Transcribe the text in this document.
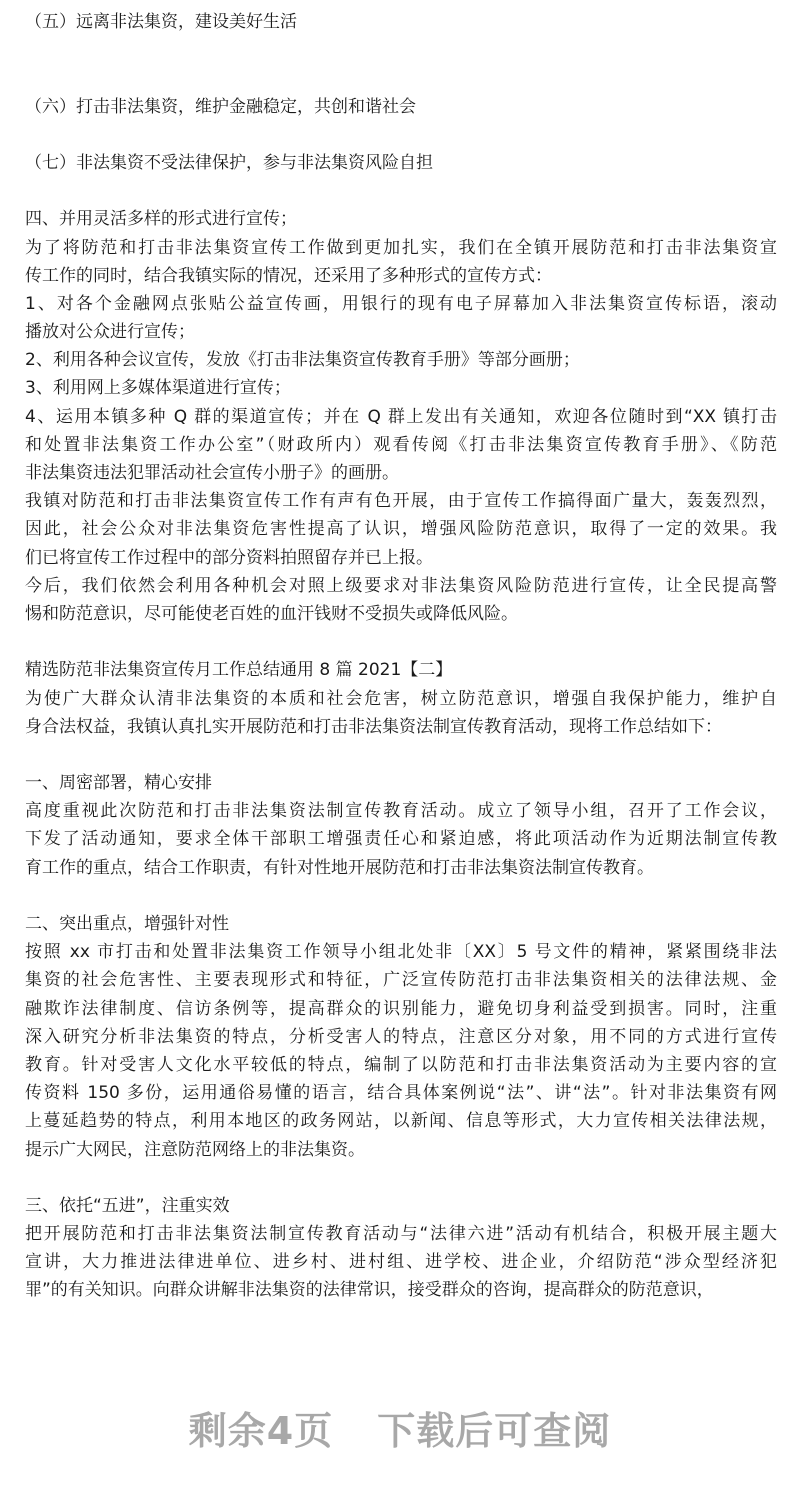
（五）远离非法集资，建设美好生活
（六）打击非法集资，维护金融稳定，共创和谐社会
（七）非法集资不受法律保护，参与非法集资风险自担
四、并用灵活多样的形式进行宣传；
为了将防范和打击非法集资宣传工作做到更加扎实，我们在全镇开展防范和打击非法集资宣
传工作的同时，结合我镇实际的情况，还采用了多种形式的宣传方式：
1、对各个金融网点张贴公益宣传画，用银行的现有电子屏幕加入非法集资宣传标语，滚动
播放对公众进行宣传；
2、利用各种会议宣传，发放《打击非法集资宣传教育手册》等部分画册；
3、利用网上多媒体渠道进行宣传；
4、运用本镇多种 Q 群的渠道宣传；并在 Q 群上发出有关通知，欢迎各位随时到“XX 镇打击
和处置非法集资工作办公室”（财政所内）观看传阅《打击非法集资宣传教育手册》、《防范
非法集资违法犯罪活动社会宣传小册子》的画册。
我镇对防范和打击非法集资宣传工作有声有色开展，由于宣传工作搞得面广量大，轰轰烈烈，
因此，社会公众对非法集资危害性提高了认识，增强风险防范意识，取得了一定的效果。我
们已将宣传工作过程中的部分资料拍照留存并已上报。
今后，我们依然会利用各种机会对照上级要求对非法集资风险防范进行宣传，让全民提高警
惕和防范意识，尽可能使老百姓的血汗钱财不受损失或降低风险。
精选防范非法集资宣传月工作总结通用 8 篇 2021【二】
为使广大群众认清非法集资的本质和社会危害，树立防范意识，增强自我保护能力，维护自
身合法权益，我镇认真扎实开展防范和打击非法集资法制宣传教育活动，现将工作总结如下：
一、周密部署，精心安排
高度重视此次防范和打击非法集资法制宣传教育活动。成立了领导小组，召开了工作会议，
下发了活动通知，要求全体干部职工增强责任心和紧迫感，将此项活动作为近期法制宣传教
育工作的重点，结合工作职责，有针对性地开展防范和打击非法集资法制宣传教育。
二、突出重点，增强针对性
按照 xx 市打击和处置非法集资工作领导小组北处非〔XX〕5 号文件的精神，紧紧围绕非法
集资的社会危害性、主要表现形式和特征，广泛宣传防范打击非法集资相关的法律法规、金
融欺诈法律制度、信访条例等，提高群众的识别能力，避免切身利益受到损害。同时，注重
深入研究分析非法集资的特点，分析受害人的特点，注意区分对象，用不同的方式进行宣传
教育。针对受害人文化水平较低的特点，编制了以防范和打击非法集资活动为主要内容的宣
传资料 150 多份，运用通俗易懂的语言，结合具体案例说“法”、讲“法”。针对非法集资有网
上蔓延趋势的特点，利用本地区的政务网站，以新闻、信息等形式，大力宣传相关法律法规，
提示广大网民，注意防范网络上的非法集资。
三、依托“五进”，注重实效
把开展防范和打击非法集资法制宣传教育活动与“法律六进”活动有机结合，积极开展主题大
宣讲，大力推进法律进单位、进乡村、进村组、进学校、进企业，介绍防范“涉众型经济犯
罪”的有关知识。向群众讲解非法集资的法律常识，接受群众的咨询，提高群众的防范意识，
剩余4页 下载后可查阅
